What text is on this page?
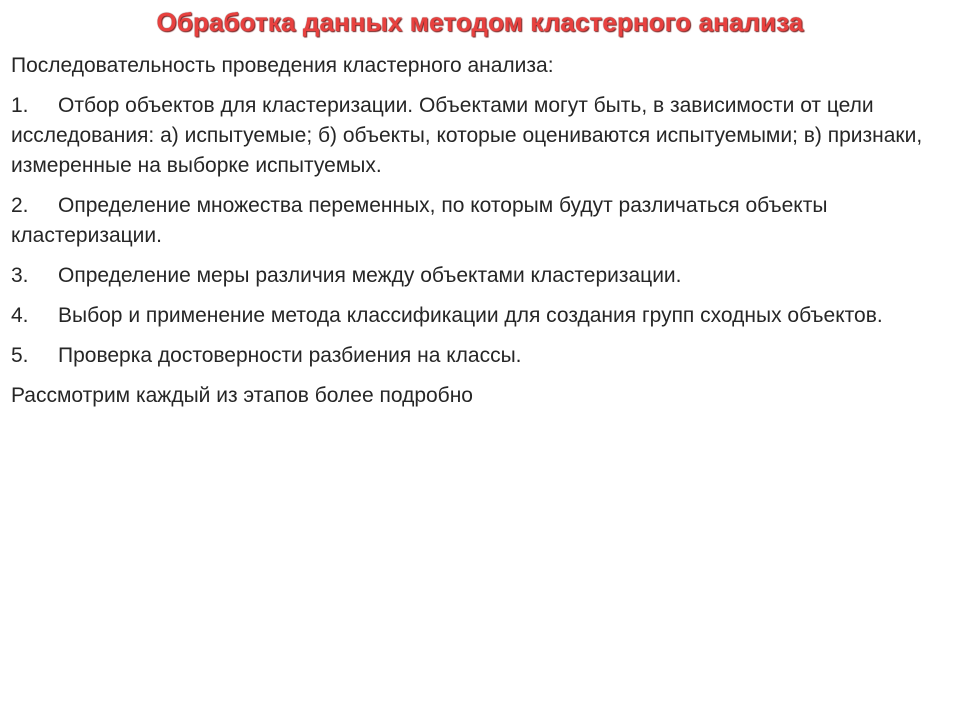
Обработка данных методом кластерного анализа

Последовательность проведения кластерного анализа:

1. Отбор объектов для кластеризации. Объектами могут быть, в зависимости от цели исследования: а) испытуемые; б) объекты, которые оцениваются испытуемыми; в) признаки, измеренные на выборке испытуемых.

2. Определение множества переменных, по которым будут различаться объекты кластеризации.

3. Определение меры различия между объектами кластеризации.

4. Выбор и применение метода классификации для создания групп сходных объектов.

5. Проверка достоверности разбиения на классы.

Рассмотрим каждый из этапов более подробно
